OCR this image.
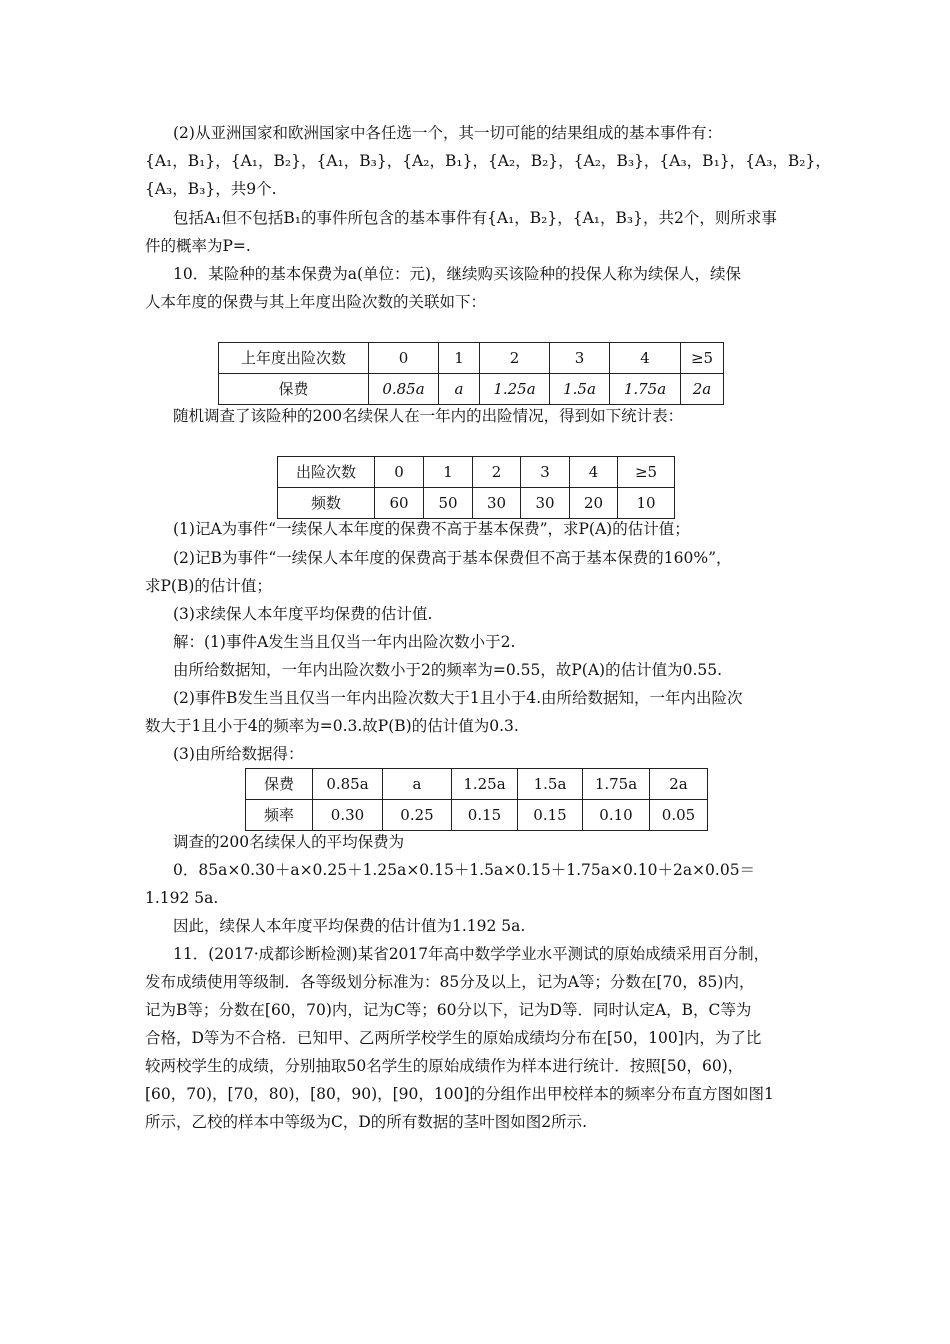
(2)从亚洲国家和欧洲国家中各任选一个，其一切可能的结果组成的基本事件有：
{A₁，B₁}，{A₁，B₂}，{A₁，B₃}，{A₂，B₁}，{A₂，B₂}，{A₂，B₃}，{A₃，B₁}，{A₃，B₂}，
{A₃，B₃}，共9个.
包括A₁但不包括B₁的事件所包含的基本事件有{A₁，B₂}，{A₁，B₃}，共2个，则所求事
件的概率为P=.
10．某险种的基本保费为a(单位：元)，继续购买该险种的投保人称为续保人，续保
人本年度的保费与其上年度出险次数的关联如下：
上年度出险次数	0	1	2	3	4	≥5
保费	0.85a	a	1.25a	1.5a	1.75a	2a
随机调查了该险种的200名续保人在一年内的出险情况，得到如下统计表：
出险次数	0	1	2	3	4	≥5
频数	60	50	30	30	20	10
(1)记A为事件“一续保人本年度的保费不高于基本保费”，求P(A)的估计值；
(2)记B为事件“一续保人本年度的保费高于基本保费但不高于基本保费的160%”，
求P(B)的估计值；
(3)求续保人本年度平均保费的估计值.
解：(1)事件A发生当且仅当一年内出险次数小于2.
由所给数据知，一年内出险次数小于2的频率为=0.55，故P(A)的估计值为0.55.
(2)事件B发生当且仅当一年内出险次数大于1且小于4.由所给数据知，一年内出险次
数大于1且小于4的频率为=0.3.故P(B)的估计值为0.3.
(3)由所给数据得：
保费	0.85a	a	1.25a	1.5a	1.75a	2a
频率	0.30	0.25	0.15	0.15	0.10	0.05
调查的200名续保人的平均保费为
0．85a×0.30＋a×0.25＋1.25a×0.15＋1.5a×0.15＋1.75a×0.10＋2a×0.05＝
1.192 5a.
因此，续保人本年度平均保费的估计值为1.192 5a.
11．(2017·成都诊断检测)某省2017年高中数学学业水平测试的原始成绩采用百分制，
发布成绩使用等级制．各等级划分标准为：85分及以上，记为A等；分数在[70，85)内，
记为B等；分数在[60，70)内，记为C等；60分以下，记为D等．同时认定A，B，C等为
合格，D等为不合格．已知甲、乙两所学校学生的原始成绩均分布在[50，100]内，为了比
较两校学生的成绩，分别抽取50名学生的原始成绩作为样本进行统计．按照[50，60)，
[60，70)，[70，80)，[80，90)，[90，100]的分组作出甲校样本的频率分布直方图如图1
所示，乙校的样本中等级为C，D的所有数据的茎叶图如图2所示.
